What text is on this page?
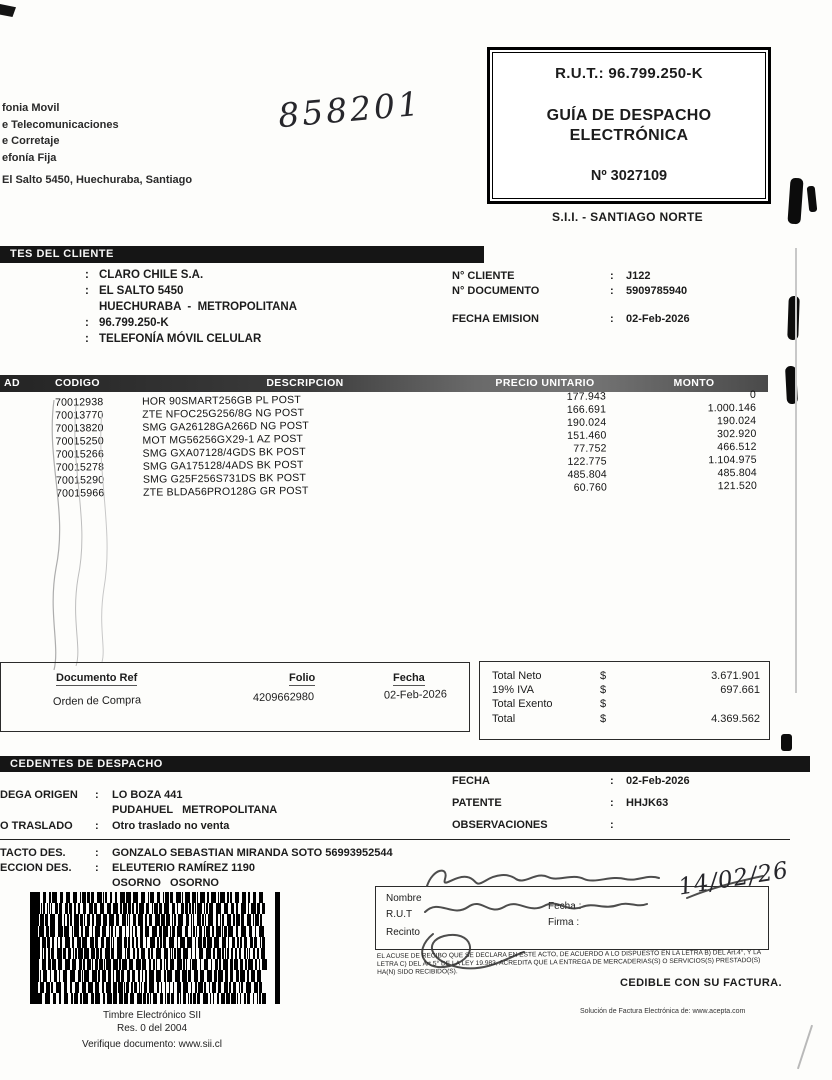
fonia Movil
e Telecomunicaciones
e Corretaje
efonía Fija
El Salto 5450, Huechuraba, Santiago
858201
R.U.T.: 96.799.250-K
GUÍA DE DESPACHO
ELECTRÓNICA
Nº 3027109
S.I.I. - SANTIAGO NORTE
TES DEL CLIENTE
: CLARO CHILE S.A.
: EL SALTO 5450
HUECHURABA  -  METROPOLITANA
: 96.799.250-K
: TELEFONÍA MÓVIL CELULAR
N° CLIENTE	:	J122
N° DOCUMENTO	:	5909785940
FECHA EMISION	:	02-Feb-2026
AD	CODIGO	DESCRIPCION	PRECIO UNITARIO	MONTO
70012938	HOR 90SMART256GB PL POST	177.943	0
70013770	ZTE NFOC25G256/8G NG POST	166.691	1.000.146
70013820	SMG GA26128GA266D NG POST	190.024	190.024
70015250	MOT MG56256GX29-1 AZ POST	151.460	302.920
70015266	SMG GXA07128/4GDS BK POST	77.752	466.512
70015278	SMG GA175128/4ADS BK POST	122.775	1.104.975
70015290	SMG G25F256S731DS BK POST	485.804	485.804
70015966	ZTE BLDA56PRO128G GR POST	60.760	121.520
Documento Ref	Folio	Fecha
Orden de Compra	4209662980	02-Feb-2026
Total Neto	$	3.671.901
19% IVA	$	697.661
Total Exento	$
Total	$	4.369.562
CEDENTES DE DESPACHO
DEGA ORIGEN : LO BOZA 441
PUDAHUEL   METROPOLITANA
O TRASLADO : Otro traslado no venta
FECHA	:	02-Feb-2026
PATENTE	:	HHJK63
OBSERVACIONES	:
TACTO DES.	: GONZALO SEBASTIAN MIRANDA SOTO 56993952544
ECCION DES. : ELEUTERIO RAMÍREZ 1190
OSORNO   OSORNO
Timbre Electrónico SII
Res. 0 del 2004
Verifique documento: www.sii.cl
Nombre
R.U.T
Recinto
Fecha :
Firma :
14/02/26
EL ACUSE DE RECIBO QUE SE DECLARA EN ESTE ACTO, DE ACUERDO A LO DISPUESTO EN LA LETRA B) DEL Art.4°, Y LA LETRA C) DEL Art.5° DE LA LEY 19.983, ACREDITA QUE LA ENTREGA DE MERCADERIAS(S) O SERVICIOS(S) PRESTADO(S) HA(N) SIDO RECIBIDO(S).
CEDIBLE CON SU FACTURA.
Solución de Factura Electrónica de: www.acepta.com
